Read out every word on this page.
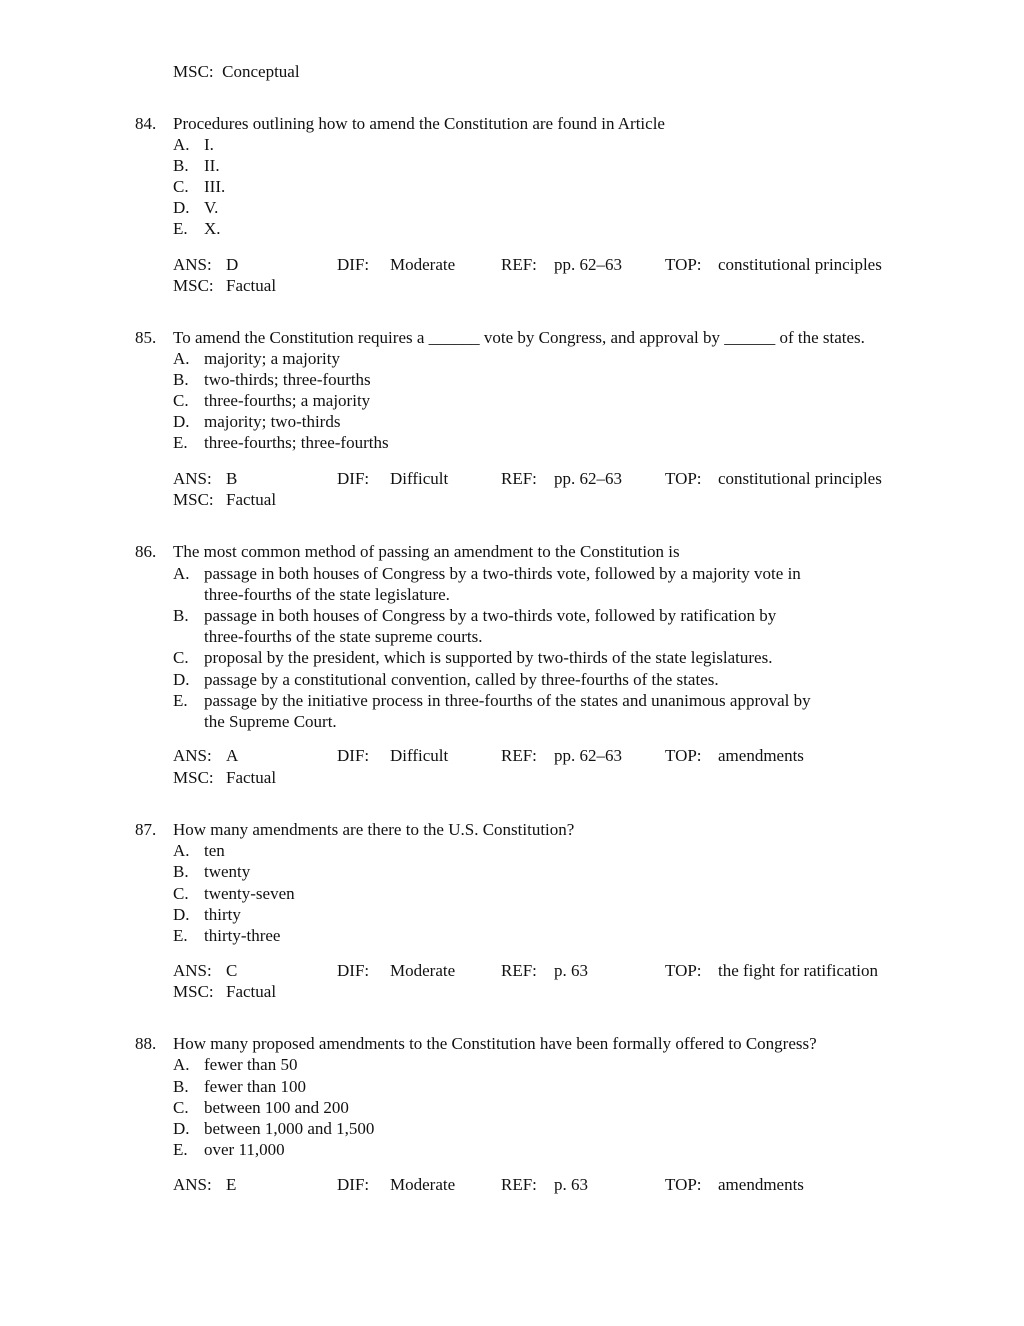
MSC: Conceptual
84. Procedures outlining how to amend the Constitution are found in Article
A. I.
B. II.
C. III.
D. V.
E. X.
ANS: D	DIF: Moderate	REF: pp. 62–63	TOP: constitutional principles
MSC: Factual
85. To amend the Constitution requires a ______ vote by Congress, and approval by ______ of the states.
A. majority; a majority
B. two-thirds; three-fourths
C. three-fourths; a majority
D. majority; two-thirds
E. three-fourths; three-fourths
ANS: B	DIF: Difficult	REF: pp. 62–63	TOP: constitutional principles
MSC: Factual
86. The most common method of passing an amendment to the Constitution is
A. passage in both houses of Congress by a two-thirds vote, followed by a majority vote in
three-fourths of the state legislature.
B. passage in both houses of Congress by a two-thirds vote, followed by ratification by
three-fourths of the state supreme courts.
C. proposal by the president, which is supported by two-thirds of the state legislatures.
D. passage by a constitutional convention, called by three-fourths of the states.
E. passage by the initiative process in three-fourths of the states and unanimous approval by
the Supreme Court.
ANS: A	DIF: Difficult	REF: pp. 62–63	TOP: amendments
MSC: Factual
87. How many amendments are there to the U.S. Constitution?
A. ten
B. twenty
C. twenty-seven
D. thirty
E. thirty-three
ANS: C	DIF: Moderate	REF: p. 63	TOP: the fight for ratification
MSC: Factual
88. How many proposed amendments to the Constitution have been formally offered to Congress?
A. fewer than 50
B. fewer than 100
C. between 100 and 200
D. between 1,000 and 1,500
E. over 11,000
ANS: E	DIF: Moderate	REF: p. 63	TOP: amendments
